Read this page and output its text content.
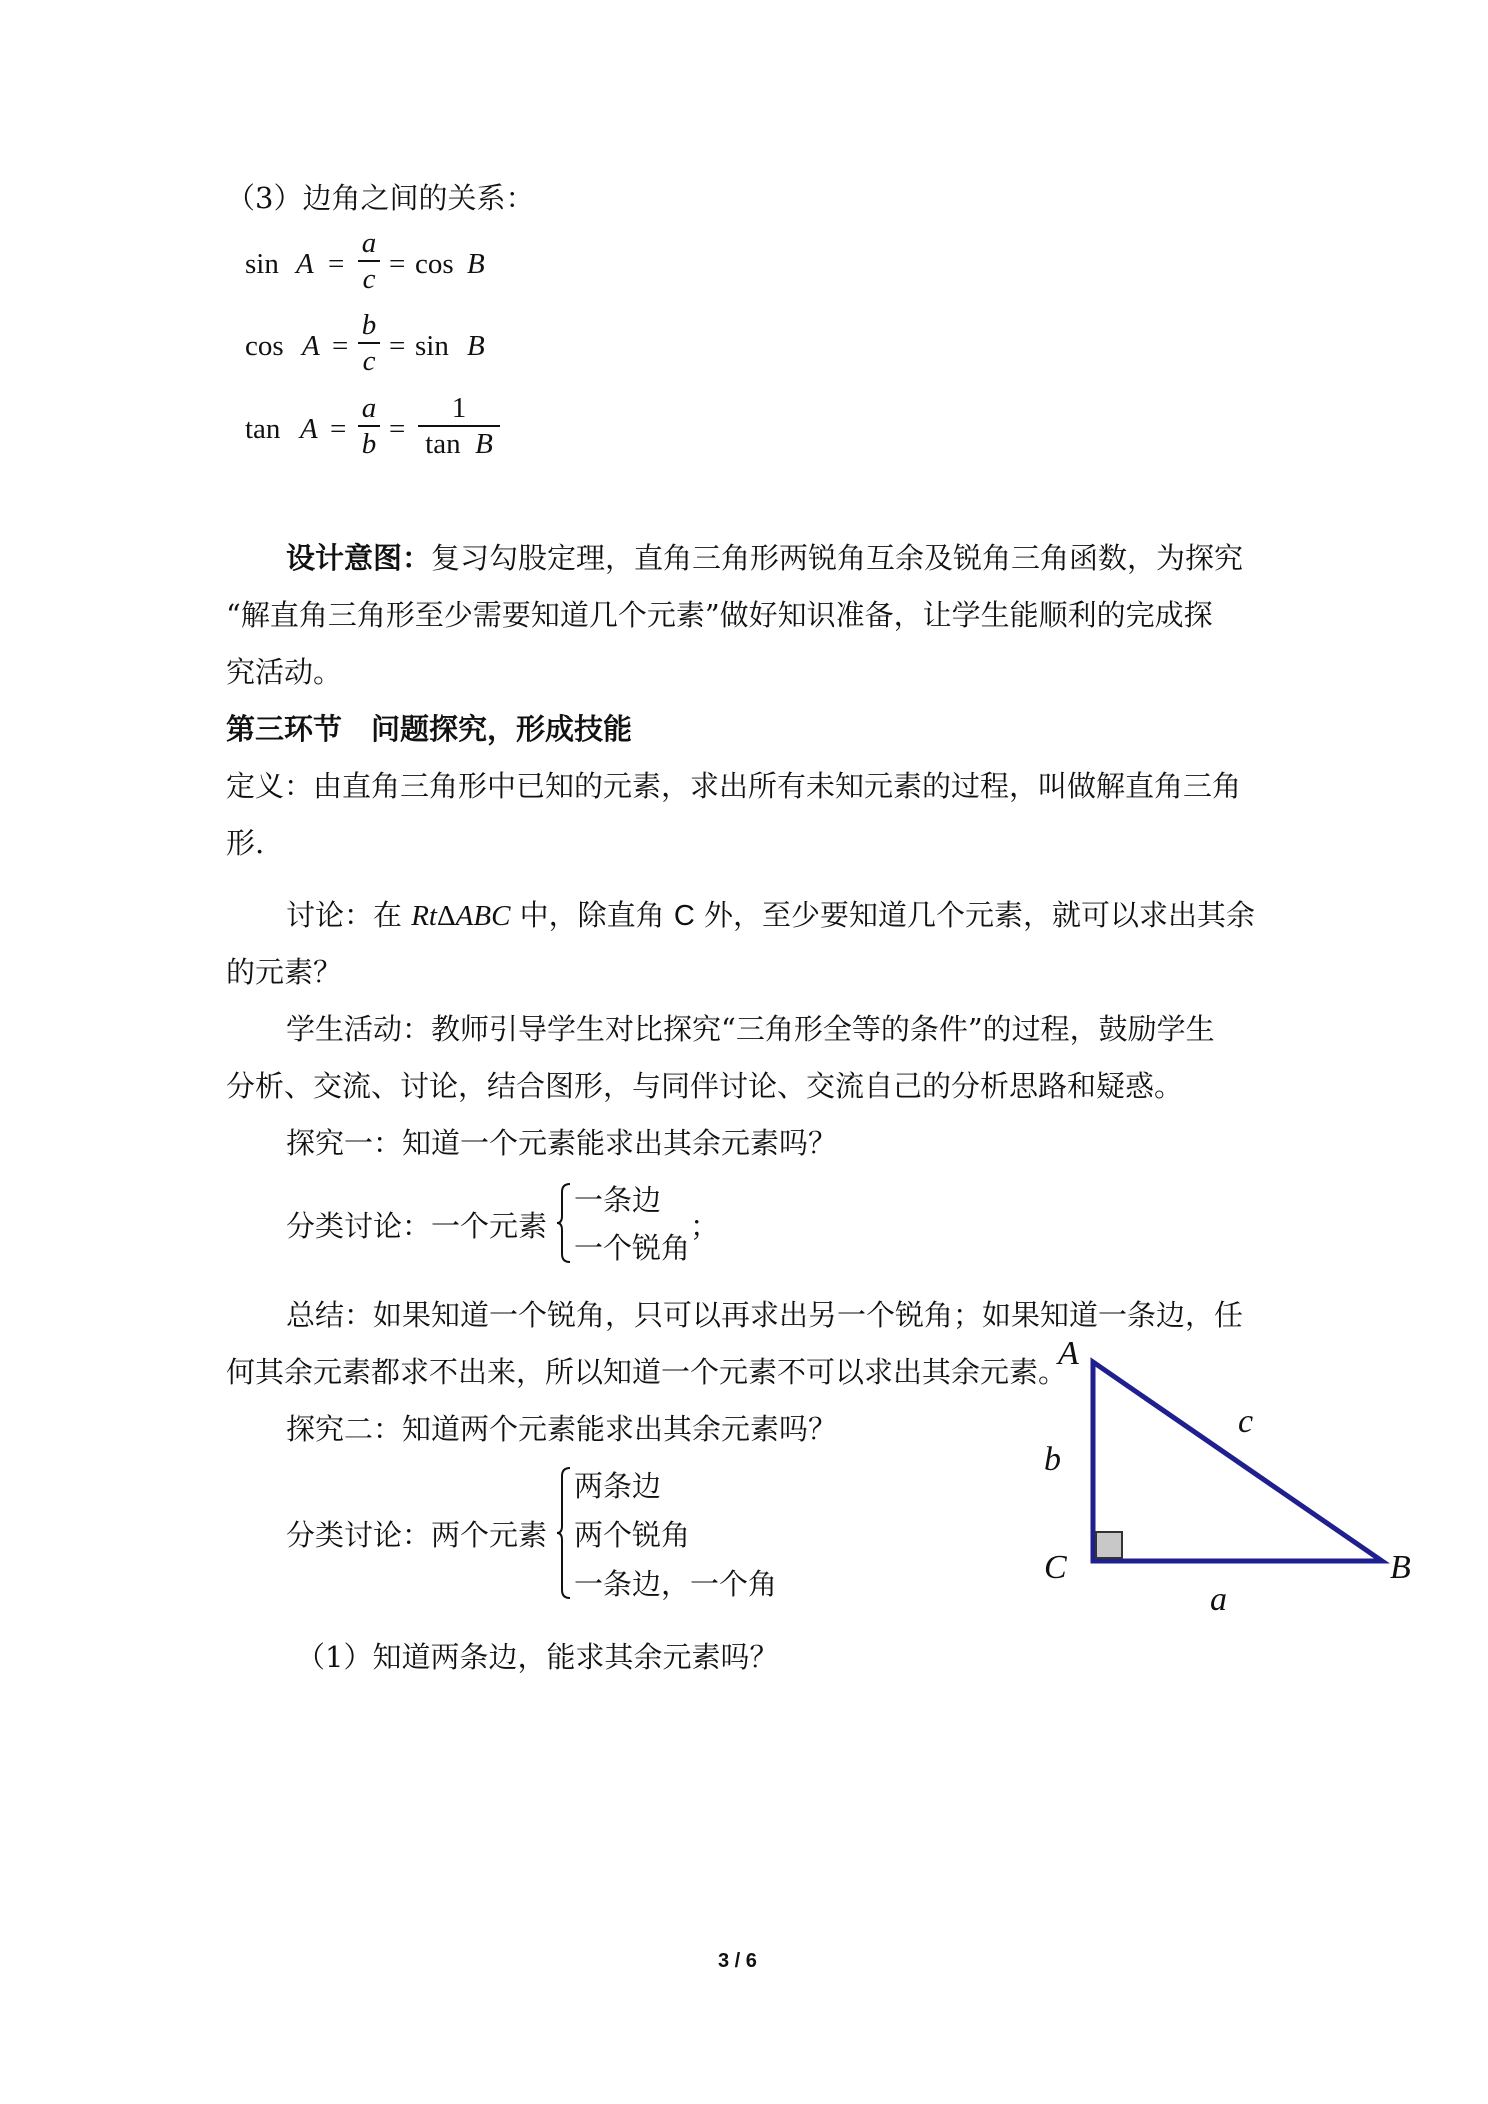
（3）边角之间的关系：
sin A =
a
c = cos B
cos A =
b
c = sin B
tan A =
a
b =
1
tan B
设计意图：复习勾股定理，直角三角形两锐角互余及锐角三角函数，为探究
“解直角三角形至少需要知道几个元素”做好知识准备，让学生能顺利的完成探
究活动。
第三环节　问题探究，形成技能
定义：由直角三角形中已知的元素，求出所有未知元素的过程，叫做解直角三角
形.
讨论：在 RtΔABC 中，除直角 C 外，至少要知道几个元素，就可以求出其余
的元素？
学生活动：教师引导学生对比探究“三角形全等的条件”的过程，鼓励学生
分析、交流、讨论，结合图形，与同伴讨论、交流自己的分析思路和疑惑。
探究一：知道一个元素能求出其余元素吗？
分类讨论：一个元素
一条边
一个锐角
；
总结：如果知道一个锐角，只可以再求出另一个锐角；如果知道一条边，任
何其余元素都求不出来，所以知道一个元素不可以求出其余元素。
探究二：知道两个元素能求出其余元素吗？
分类讨论：两个元素
两条边
两个锐角
一条边，一个角
（1）知道两条边，能求其余元素吗？
A
C	B
b
c
a
3 / 6
